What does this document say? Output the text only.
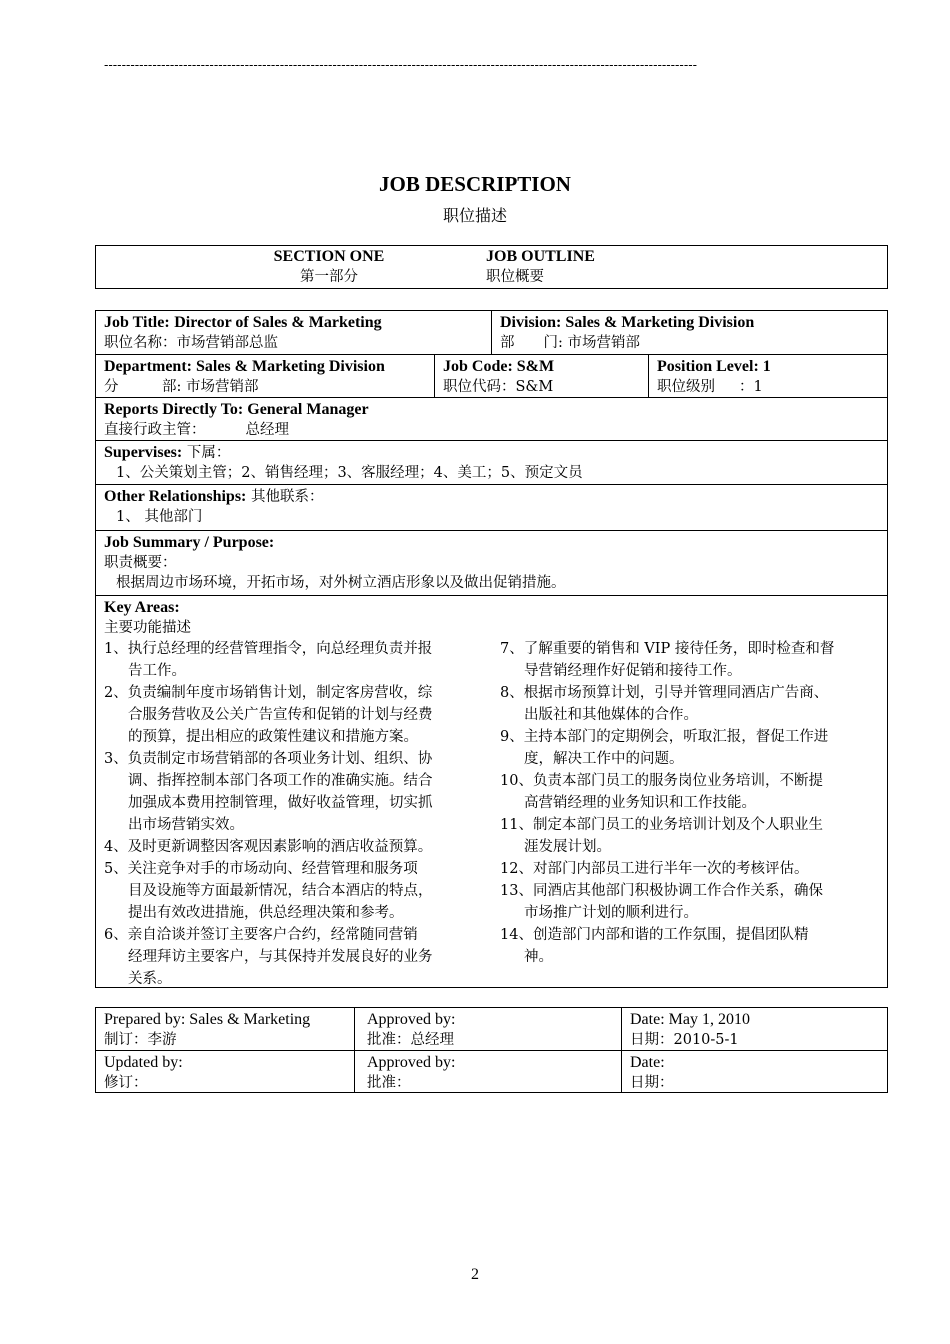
---------------------------------------------------------------------------------------------------------------------------------------
JOB DESCRIPTION
职位描述
SECTION ONE
第一部分
JOB OUTLINE
职位概要
Job Title: Director of Sales & Marketing
职位名称：市场营销部总监
Division: Sales & Marketing Division
部　　门: 市场营销部
Department: Sales & Marketing Division
分　　　部: 市场营销部
Job Code: S&M
职位代码：S&M
Position Level: 1
职位级别 ：1
Reports Directly To: General Manager
直接行政主管：	总经理
Supervises: 下属：
1、公关策划主管；2、销售经理；3、客服经理；4、美工；5、预定文员
Other Relationships: 其他联系：
1、 其他部门
Job Summary / Purpose:
职责概要：
根据周边市场环境，开拓市场，对外树立酒店形象以及做出促销措施。
Key Areas:
主要功能描述
1、执行总经理的经营管理指令，向总经理负责并报
告工作。
2、负责编制年度市场销售计划，制定客房营收，综
合服务营收及公关广告宣传和促销的计划与经费
的预算，提出相应的政策性建议和措施方案。
3、负责制定市场营销部的各项业务计划、组织、协
调、指挥控制本部门各项工作的准确实施。结合
加强成本费用控制管理，做好收益管理，切实抓
出市场营销实效。
4、及时更新调整因客观因素影响的酒店收益预算。
5、关注竞争对手的市场动向、经营管理和服务项
目及设施等方面最新情况，结合本酒店的特点，
提出有效改进措施，供总经理决策和参考。
6、亲自洽谈并签订主要客户合约，经常随同营销
经理拜访主要客户，与其保持并发展良好的业务
关系。
7、了解重要的销售和 VIP 接待任务，即时检查和督
导营销经理作好促销和接待工作。
8、根据市场预算计划，引导并管理同酒店广告商、
出版社和其他媒体的合作。
9、主持本部门的定期例会，听取汇报，督促工作进
度，解决工作中的问题。
10、负责本部门员工的服务岗位业务培训，不断提
高营销经理的业务知识和工作技能。
11、制定本部门员工的业务培训计划及个人职业生
涯发展计划。
12、对部门内部员工进行半年一次的考核评估。
13、同酒店其他部门积极协调工作合作关系，确保
市场推广计划的顺利进行。
14、创造部门内部和谐的工作氛围，提倡团队精
神。
Prepared by: Sales & Marketing
制订：李游
Approved by:
批准：总经理
Date: May 1, 2010
日期：2010-5-1
Updated by:
修订：
Approved by:
批准：
Date:
日期：
2
